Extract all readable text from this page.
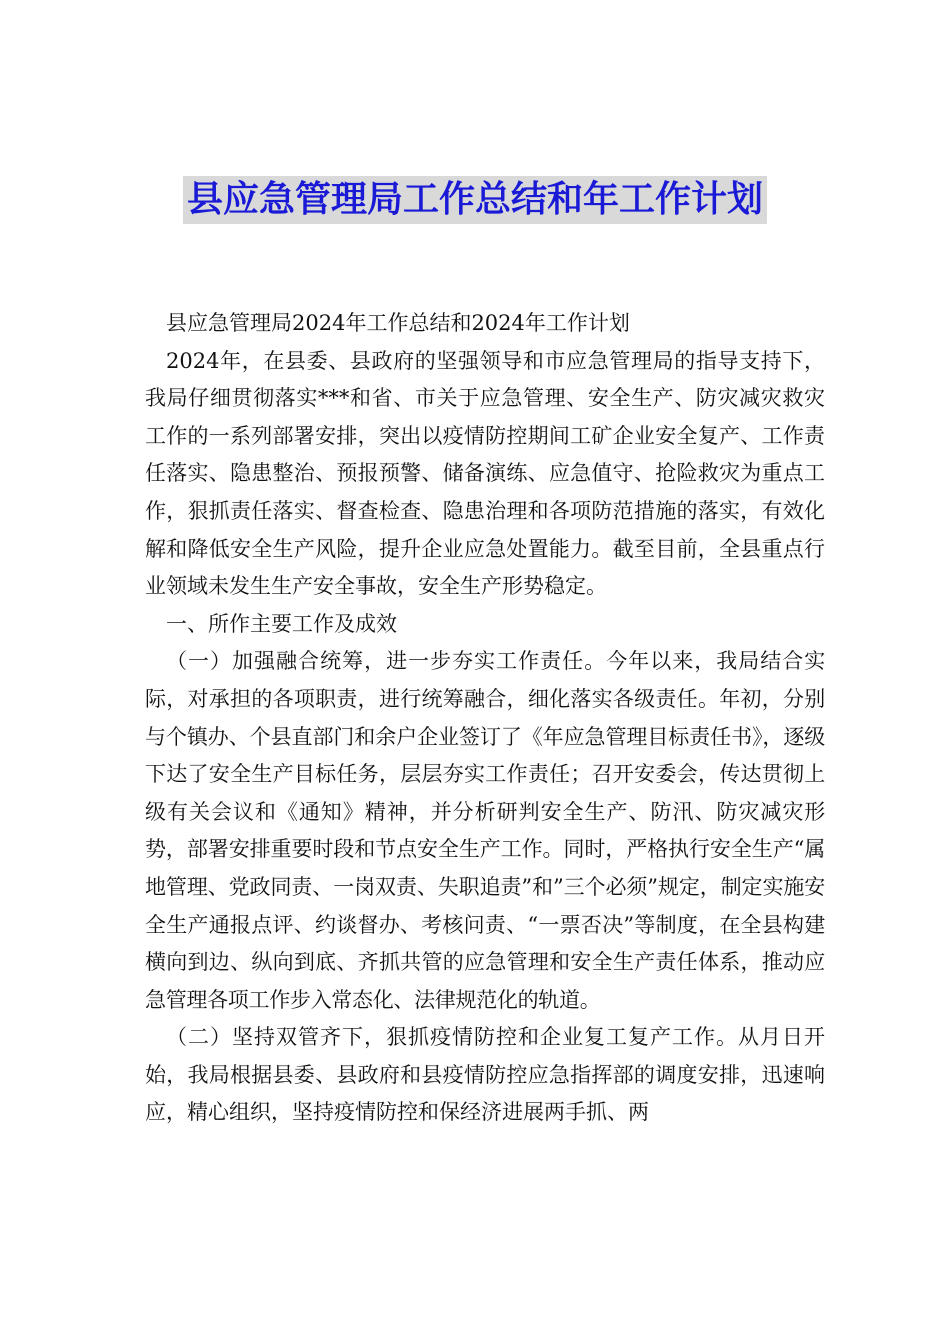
县应急管理局工作总结和年工作计划

县应急管理局2024年工作总结和2024年工作计划

2024年，在县委、县政府的坚强领导和市应急管理局的指导支持下，我局仔细贯彻落实***和省、市关于应急管理、安全生产、防灾减灾救灾工作的一系列部署安排，突出以疫情防控期间工矿企业安全复产、工作责任落实、隐患整治、预报预警、储备演练、应急值守、抢险救灾为重点工作，狠抓责任落实、督查检查、隐患治理和各项防范措施的落实，有效化解和降低安全生产风险，提升企业应急处置能力。截至目前，全县重点行业领域未发生生产安全事故，安全生产形势稳定。

一、所作主要工作及成效

（一）加强融合统筹，进一步夯实工作责任。今年以来，我局结合实际，对承担的各项职责，进行统筹融合，细化落实各级责任。年初，分别与个镇办、个县直部门和余户企业签订了《年应急管理目标责任书》，逐级下达了安全生产目标任务，层层夯实工作责任；召开安委会，传达贯彻上级有关会议和《通知》精神，并分析研判安全生产、防汛、防灾减灾形势，部署安排重要时段和节点安全生产工作。同时，严格执行安全生产“属地管理、党政同责、一岗双责、失职追责”和”三个必须”规定，制定实施安全生产通报点评、约谈督办、考核问责、“一票否决”等制度，在全县构建横向到边、纵向到底、齐抓共管的应急管理和安全生产责任体系，推动应急管理各项工作步入常态化、法律规范化的轨道。

（二）坚持双管齐下，狠抓疫情防控和企业复工复产工作。从月日开始，我局根据县委、县政府和县疫情防控应急指挥部的调度安排，迅速响应，精心组织，坚持疫情防控和保经济进展两手抓、两
